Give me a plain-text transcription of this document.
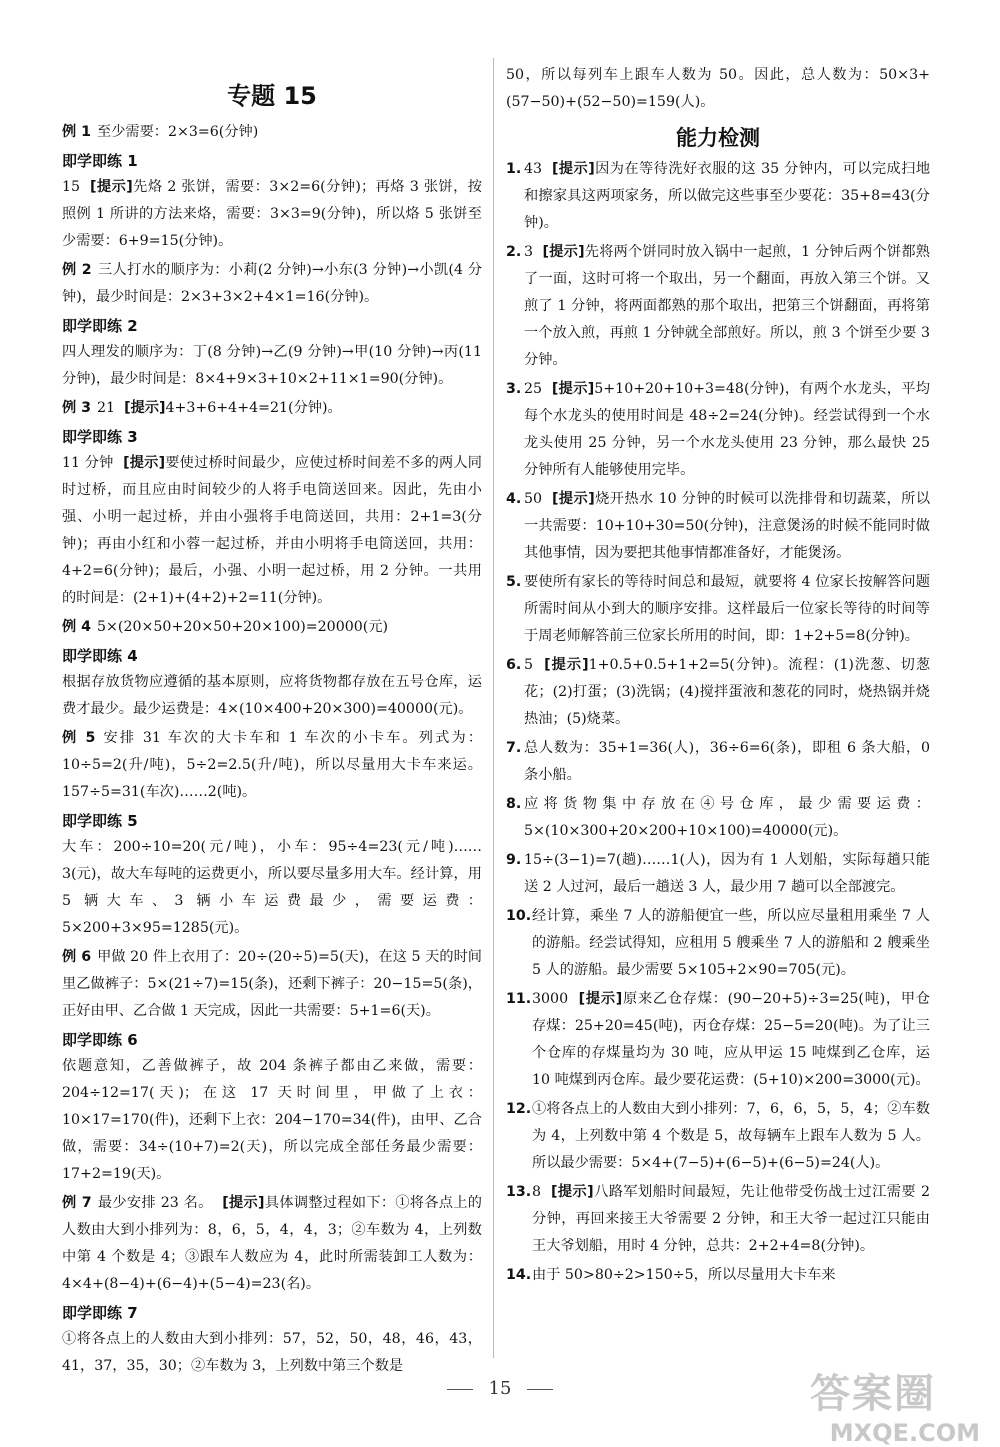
专题 15

例 1 至少需要：2×3=6(分钟)

即学即练 1

15 [提示]先烙 2 张饼，需要：3×2=6(分钟)；再烙 3 张饼，按照例 1 所讲的方法来烙，需要：3×3=9(分钟)，所以烙 5 张饼至少需要：6+9=15(分钟)。

例 2 三人打水的顺序为：小莉(2 分钟)→小东(3 分钟)→小凯(4 分钟)，最少时间是：2×3+3×2+4×1=16(分钟)。

即学即练 2

四人理发的顺序为：丁(8 分钟)→乙(9 分钟)→甲(10 分钟)→丙(11 分钟)，最少时间是：8×4+9×3+10×2+11×1=90(分钟)。

例 3 21 [提示]4+3+6+4+4=21(分钟)。

即学即练 3

11 分钟 [提示]要使过桥时间最少，应使过桥时间差不多的两人同时过桥，而且应由时间较少的人将手电筒送回来。因此，先由小强、小明一起过桥，并由小强将手电筒送回，共用：2+1=3(分钟)；再由小红和小蓉一起过桥，并由小明将手电筒送回，共用：4+2=6(分钟)；最后，小强、小明一起过桥，用 2 分钟。一共用的时间是：(2+1)+(4+2)+2=11(分钟)。

例 4 5×(20×50+20×50+20×100)=20000(元)

即学即练 4

根据存放货物应遵循的基本原则，应将货物都存放在五号仓库，运费才最少。最少运费是：4×(10×400+20×300)=40000(元)。

例 5 安排 31 车次的大卡车和 1 车次的小卡车。列式为：10÷5=2(升/吨)，5÷2=2.5(升/吨)，所以尽量用大卡车来运。157÷5=31(车次)……2(吨)。

即学即练 5

大车：200÷10=20(元/吨)，小车：95÷4=23(元/吨)……3(元)，故大车每吨的运费更小，所以要尽量多用大车。经计算，用 5 辆大车、3 辆小车运费最少，需要运费：5×200+3×95=1285(元)。

例 6 甲做 20 件上衣用了：20÷(20÷5)=5(天)，在这 5 天的时间里乙做裤子：5×(21÷7)=15(条)，还剩下裤子：20−15=5(条)，正好由甲、乙合做 1 天完成，因此一共需要：5+1=6(天)。

即学即练 6

依题意知，乙善做裤子，故 204 条裤子都由乙来做，需要：204÷12=17(天)；在这 17 天时间里，甲做了上衣：10×17=170(件)，还剩下上衣：204−170=34(件)，由甲、乙合做，需要：34÷(10+7)=2(天)，所以完成全部任务最少需要：17+2=19(天)。

例 7 最少安排 23 名。 [提示]具体调整过程如下：①将各点上的人数由大到小排列为：8，6，5，4，4，3；②车数为 4，上列数中第 4 个数是 4；③跟车人数应为 4，此时所需装卸工人数为：4×4+(8−4)+(6−4)+(5−4)=23(名)。

即学即练 7

①将各点上的人数由大到小排列：57，52，50，48，46，43，41，37，35，30；②车数为 3，上列数中第三个数是

50，所以每列车上跟车人数为 50。因此，总人数为：50×3+(57−50)+(52−50)=159(人)。

能力检测
1. 43 [提示]因为在等待洗好衣服的这 35 分钟内，可以完成扫地和擦家具这两项家务，所以做完这些事至少要花：35+8=43(分钟)。

2. 3 [提示]先将两个饼同时放入锅中一起煎，1 分钟后两个饼都熟了一面，这时可将一个取出，另一个翻面，再放入第三个饼。又煎了 1 分钟，将两面都熟的那个取出，把第三个饼翻面，再将第一个放入煎，再煎 1 分钟就全部煎好。所以，煎 3 个饼至少要 3 分钟。

3. 25 [提示]5+10+20+10+3=48(分钟)，有两个水龙头，平均每个水龙头的使用时间是 48÷2=24(分钟)。经尝试得到一个水龙头使用 25 分钟，另一个水龙头使用 23 分钟，那么最快 25 分钟所有人能够使用完毕。

4. 50 [提示]烧开热水 10 分钟的时候可以洗排骨和切蔬菜，所以一共需要：10+10+30=50(分钟)，注意煲汤的时候不能同时做其他事情，因为要把其他事情都准备好，才能煲汤。

5. 要使所有家长的等待时间总和最短，就要将 4 位家长按解答问题所需时间从小到大的顺序安排。这样最后一位家长等待的时间等于周老师解答前三位家长所用的时间，即：1+2+5=8(分钟)。

6. 5 [提示]1+0.5+0.5+1+2=5(分钟)。流程：(1)洗葱、切葱花；(2)打蛋；(3)洗锅；(4)搅拌蛋液和葱花的同时，烧热锅并烧热油；(5)烧菜。

7. 总人数为：35+1=36(人)，36÷6=6(条)，即租 6 条大船，0 条小船。

8. 应将货物集中存放在④号仓库，最少需要运费：5×(10×300+20×200+10×100)=40000(元)。

9. 15÷(3−1)=7(趟)……1(人)，因为有 1 人划船，实际每趟只能送 2 人过河，最后一趟送 3 人，最少用 7 趟可以全部渡完。

10. 经计算，乘坐 7 人的游船便宜一些，所以应尽量租用乘坐 7 人的游船。经尝试得知，应租用 5 艘乘坐 7 人的游船和 2 艘乘坐 5 人的游船。最少需要 5×105+2×90=705(元)。

11. 3000 [提示]原来乙仓存煤：(90−20+5)÷3=25(吨)，甲仓存煤：25+20=45(吨)，丙仓存煤：25−5=20(吨)。为了让三个仓库的存煤量均为 30 吨，应从甲运 15 吨煤到乙仓库，运 10 吨煤到丙仓库。最少要花运费：(5+10)×200=3000(元)。

12. ①将各点上的人数由大到小排列：7，6，6，5，5，4；②车数为 4，上列数中第 4 个数是 5，故每辆车上跟车人数为 5 人。所以最少需要：5×4+(7−5)+(6−5)+(6−5)=24(人)。

13. 8 [提示]八路军划船时间最短，先让他带受伤战士过江需要 2 分钟，再回来接王大爷需要 2 分钟，和王大爷一起过江只能由王大爷划船，用时 4 分钟，总共：2+2+4=8(分钟)。

14. 由于 50>80÷2>150÷5，所以尽量用大卡车来

15	答案圈
MXQE.COM
